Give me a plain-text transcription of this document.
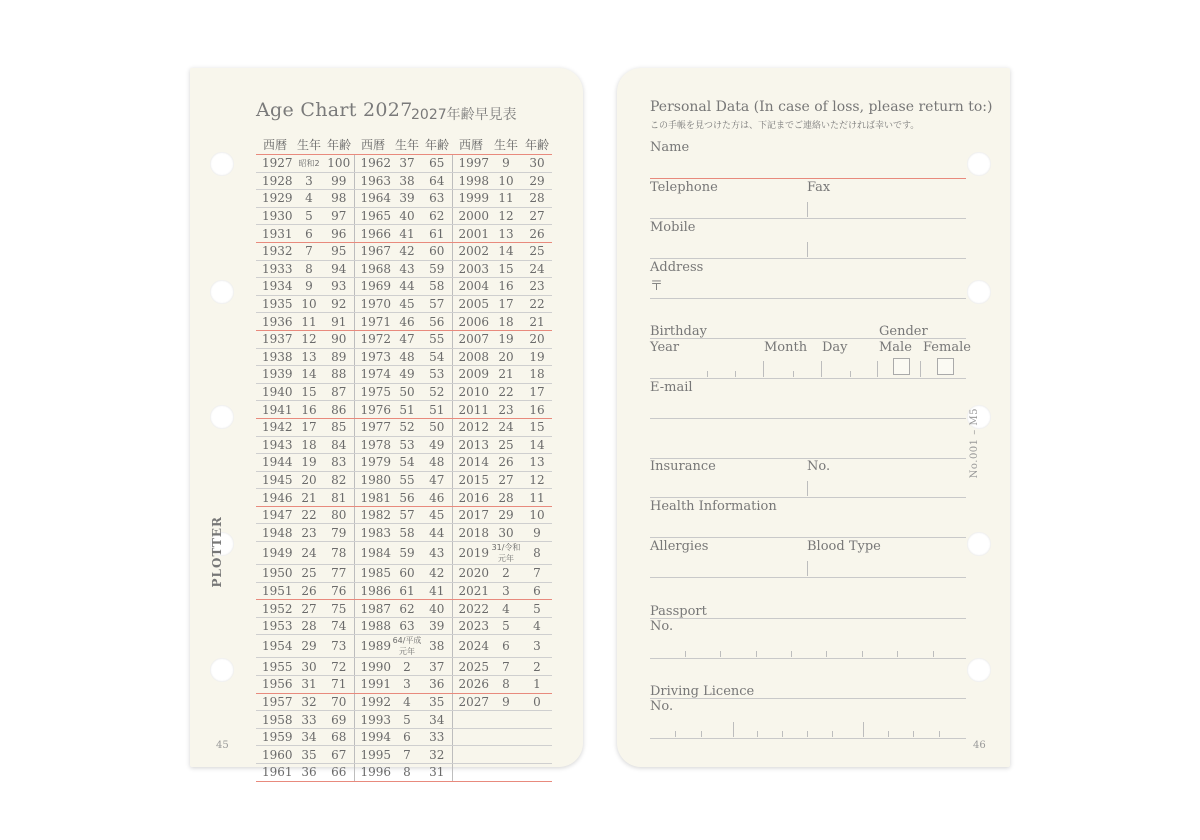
Age Chart 2027
2027年齢早見表
PLOTTER
西暦	生年	年齢	西暦	生年	年齢	西暦	生年	年齢
1927	昭和2	100	1962	37	65	1997	9	30
1928	3	99	1963	38	64	1998	10	29
1929	4	98	1964	39	63	1999	11	28
1930	5	97	1965	40	62	2000	12	27
1931	6	96	1966	41	61	2001	13	26
1932	7	95	1967	42	60	2002	14	25
1933	8	94	1968	43	59	2003	15	24
1934	9	93	1969	44	58	2004	16	23
1935	10	92	1970	45	57	2005	17	22
1936	11	91	1971	46	56	2006	18	21
1937	12	90	1972	47	55	2007	19	20
1938	13	89	1973	48	54	2008	20	19
1939	14	88	1974	49	53	2009	21	18
1940	15	87	1975	50	52	2010	22	17
1941	16	86	1976	51	51	2011	23	16
1942	17	85	1977	52	50	2012	24	15
1943	18	84	1978	53	49	2013	25	14
1944	19	83	1979	54	48	2014	26	13
1945	20	82	1980	55	47	2015	27	12
1946	21	81	1981	56	46	2016	28	11
1947	22	80	1982	57	45	2017	29	10
1948	23	79	1983	58	44	2018	30	9
1949	24	78	1984	59	43	2019	31/令和元年	8
1950	25	77	1985	60	42	2020	2	7
1951	26	76	1986	61	41	2021	3	6
1952	27	75	1987	62	40	2022	4	5
1953	28	74	1988	63	39	2023	5	4
1954	29	73	1989	64/平成元年	38	2024	6	3
1955	30	72	1990	2	37	2025	7	2
1956	31	71	1991	3	36	2026	8	1
1957	32	70	1992	4	35	2027	9	0
1958	33	69	1993	5	34			
1959	34	68	1994	6	33			
1960	35	67	1995	7	32			
1961	36	66	1996	8	31			
45
Personal Data (In case of loss, please return to:)
この手帳を見つけた方は、下記までご連絡いただければ幸いです。
Name
Telephone	Fax
Mobile
Address
〒
Birthday	Gender
Year	Month Day Male Female
E-mail
Insurance	No.
Health Information
Allergies	Blood Type
Passport
No.
Driving Licence
No.
No.001 – M5
46
